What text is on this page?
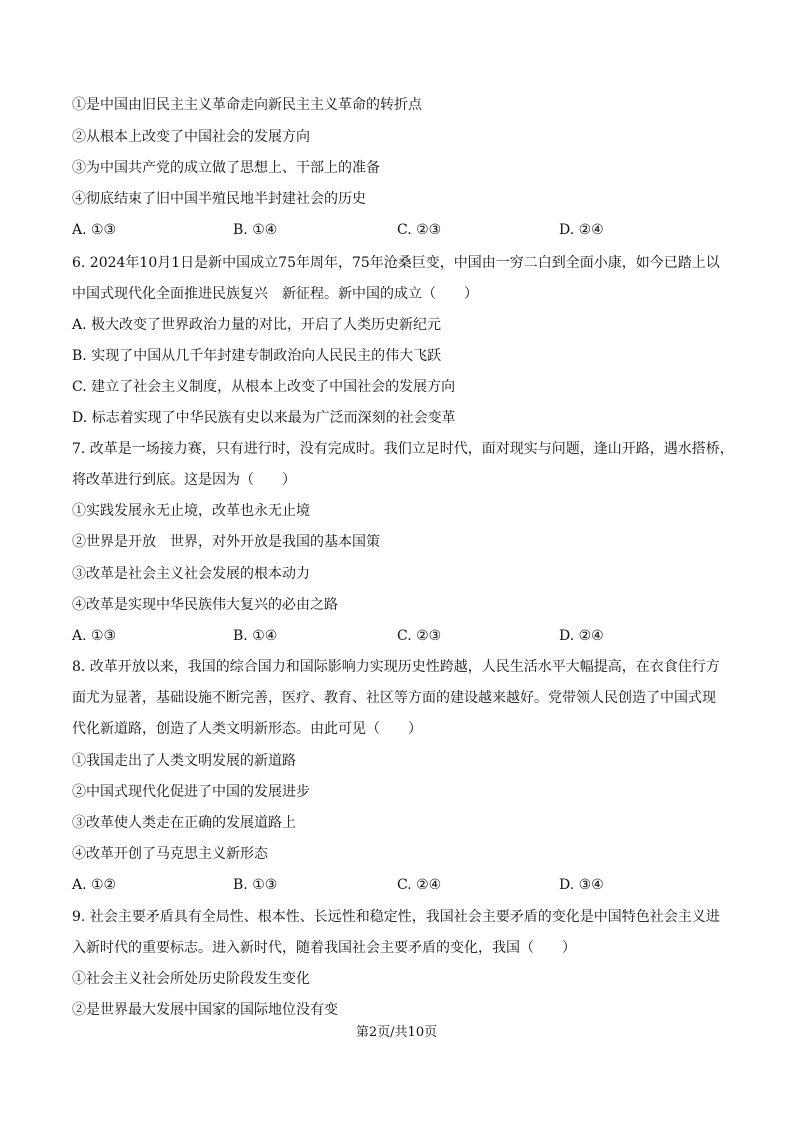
①是中国由旧民主主义革命走向新民主主义革命的转折点
②从根本上改变了中国社会的发展方向
③为中国共产党的成立做了思想上、干部上的准备
④彻底结束了旧中国半殖民地半封建社会的历史
A. ①③	B. ①④	C. ②③	D. ②④
6. 2024年10月1日是新中国成立75年周年，75年沧桑巨变，中国由一穷二白到全面小康，如今已踏上以
中国式现代化全面推进民族复兴　新征程。新中国的成立（　　）
A. 极大改变了世界政治力量的对比，开启了人类历史新纪元
B. 实现了中国从几千年封建专制政治向人民民主的伟大飞跃
C. 建立了社会主义制度，从根本上改变了中国社会的发展方向
D. 标志着实现了中华民族有史以来最为广泛而深刻的社会变革
7. 改革是一场接力赛，只有进行时，没有完成时。我们立足时代，面对现实与问题，逢山开路，遇水搭桥，
将改革进行到底。这是因为（　　）
①实践发展永无止境，改革也永无止境
②世界是开放　世界，对外开放是我国的基本国策
③改革是社会主义社会发展的根本动力
④改革是实现中华民族伟大复兴的必由之路
A. ①③	B. ①④	C. ②③	D. ②④
8. 改革开放以来，我国的综合国力和国际影响力实现历史性跨越，人民生活水平大幅提高，在衣食住行方
面尤为显著，基础设施不断完善，医疗、教育、社区等方面的建设越来越好。党带领人民创造了中国式现
代化新道路，创造了人类文明新形态。由此可见（　　）
①我国走出了人类文明发展的新道路
②中国式现代化促进了中国的发展进步
③改革使人类走在正确的发展道路上
④改革开创了马克思主义新形态
A. ①②	B. ①③	C. ②④	D. ③④
9. 社会主要矛盾具有全局性、根本性、长远性和稳定性，我国社会主要矛盾的变化是中国特色社会主义进
入新时代的重要标志。进入新时代，随着我国社会主要矛盾的变化，我国（　　）
①社会主义社会所处历史阶段发生变化
②是世界最大发展中国家的国际地位没有变
第2页/共10页
